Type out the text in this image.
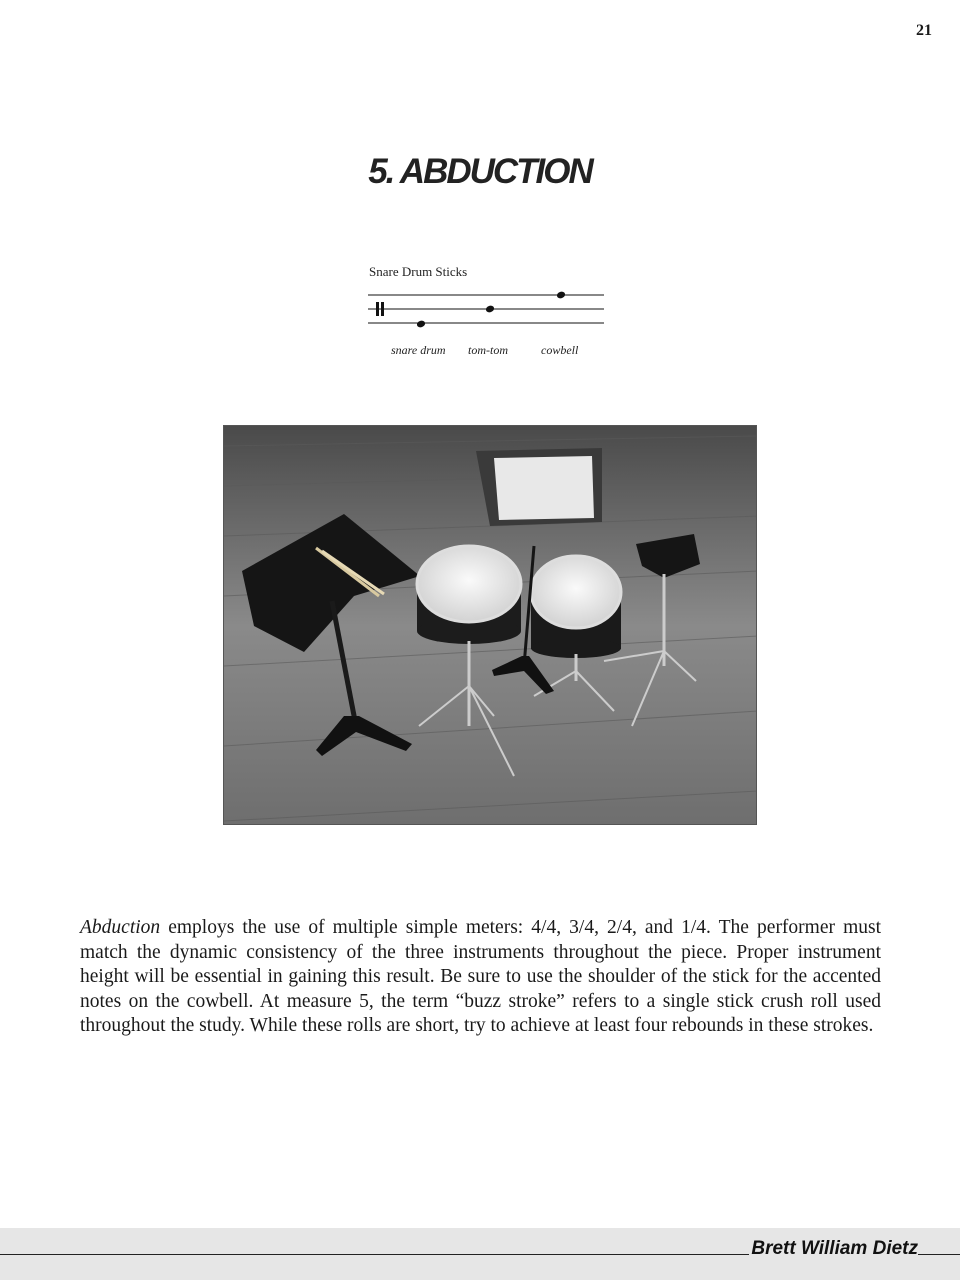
21
5. ABDUCTION
Snare Drum Sticks
snare drum tom-tom	cowbell
Abduction employs the use of multiple simple meters: 4/4, 3/4, 2/4, and 1/4. The performer must match the dynamic consistency of the three instruments throughout the piece. Proper instrument height will be essential in gaining this result. Be sure to use the shoulder of the stick for the accented notes on the cowbell. At measure 5, the term “buzz stroke” refers to a single stick crush roll used throughout the study. While these rolls are short, try to achieve at least four rebounds in these strokes.
Brett William Dietz
